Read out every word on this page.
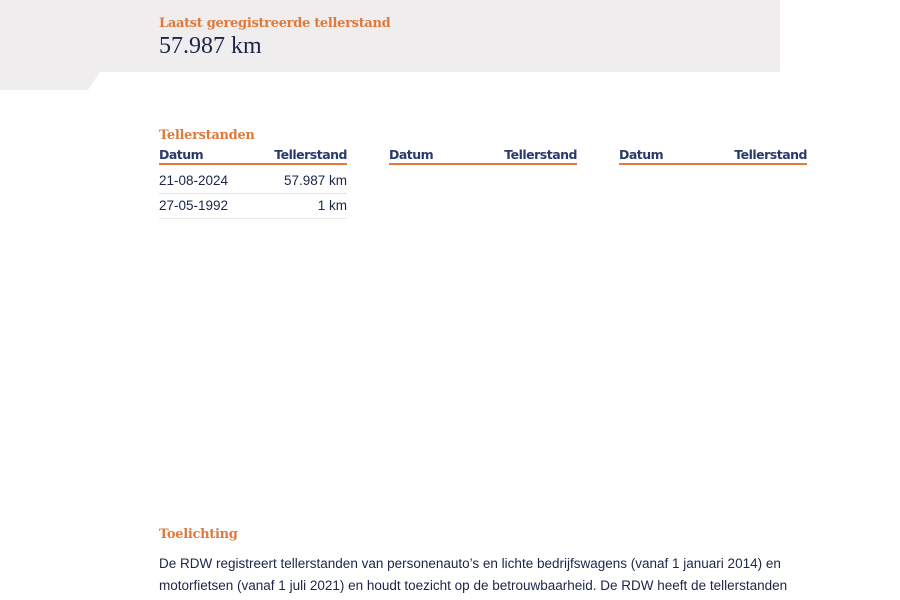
Laatst geregistreerde tellerstand
57.987 km
Tellerstanden
Datum	Tellerstand
21-08-2024	57.987 km
27-05-1992	1 km
Datum	Tellerstand	Datum	Tellerstand
Toelichting
De RDW registreert tellerstanden van personenauto’s en lichte bedrijfswagens (vanaf 1 januari 2014) en motorfietsen (vanaf 1 juli 2021) en houdt toezicht op de betrouwbaarheid. De RDW heeft de tellerstanden
